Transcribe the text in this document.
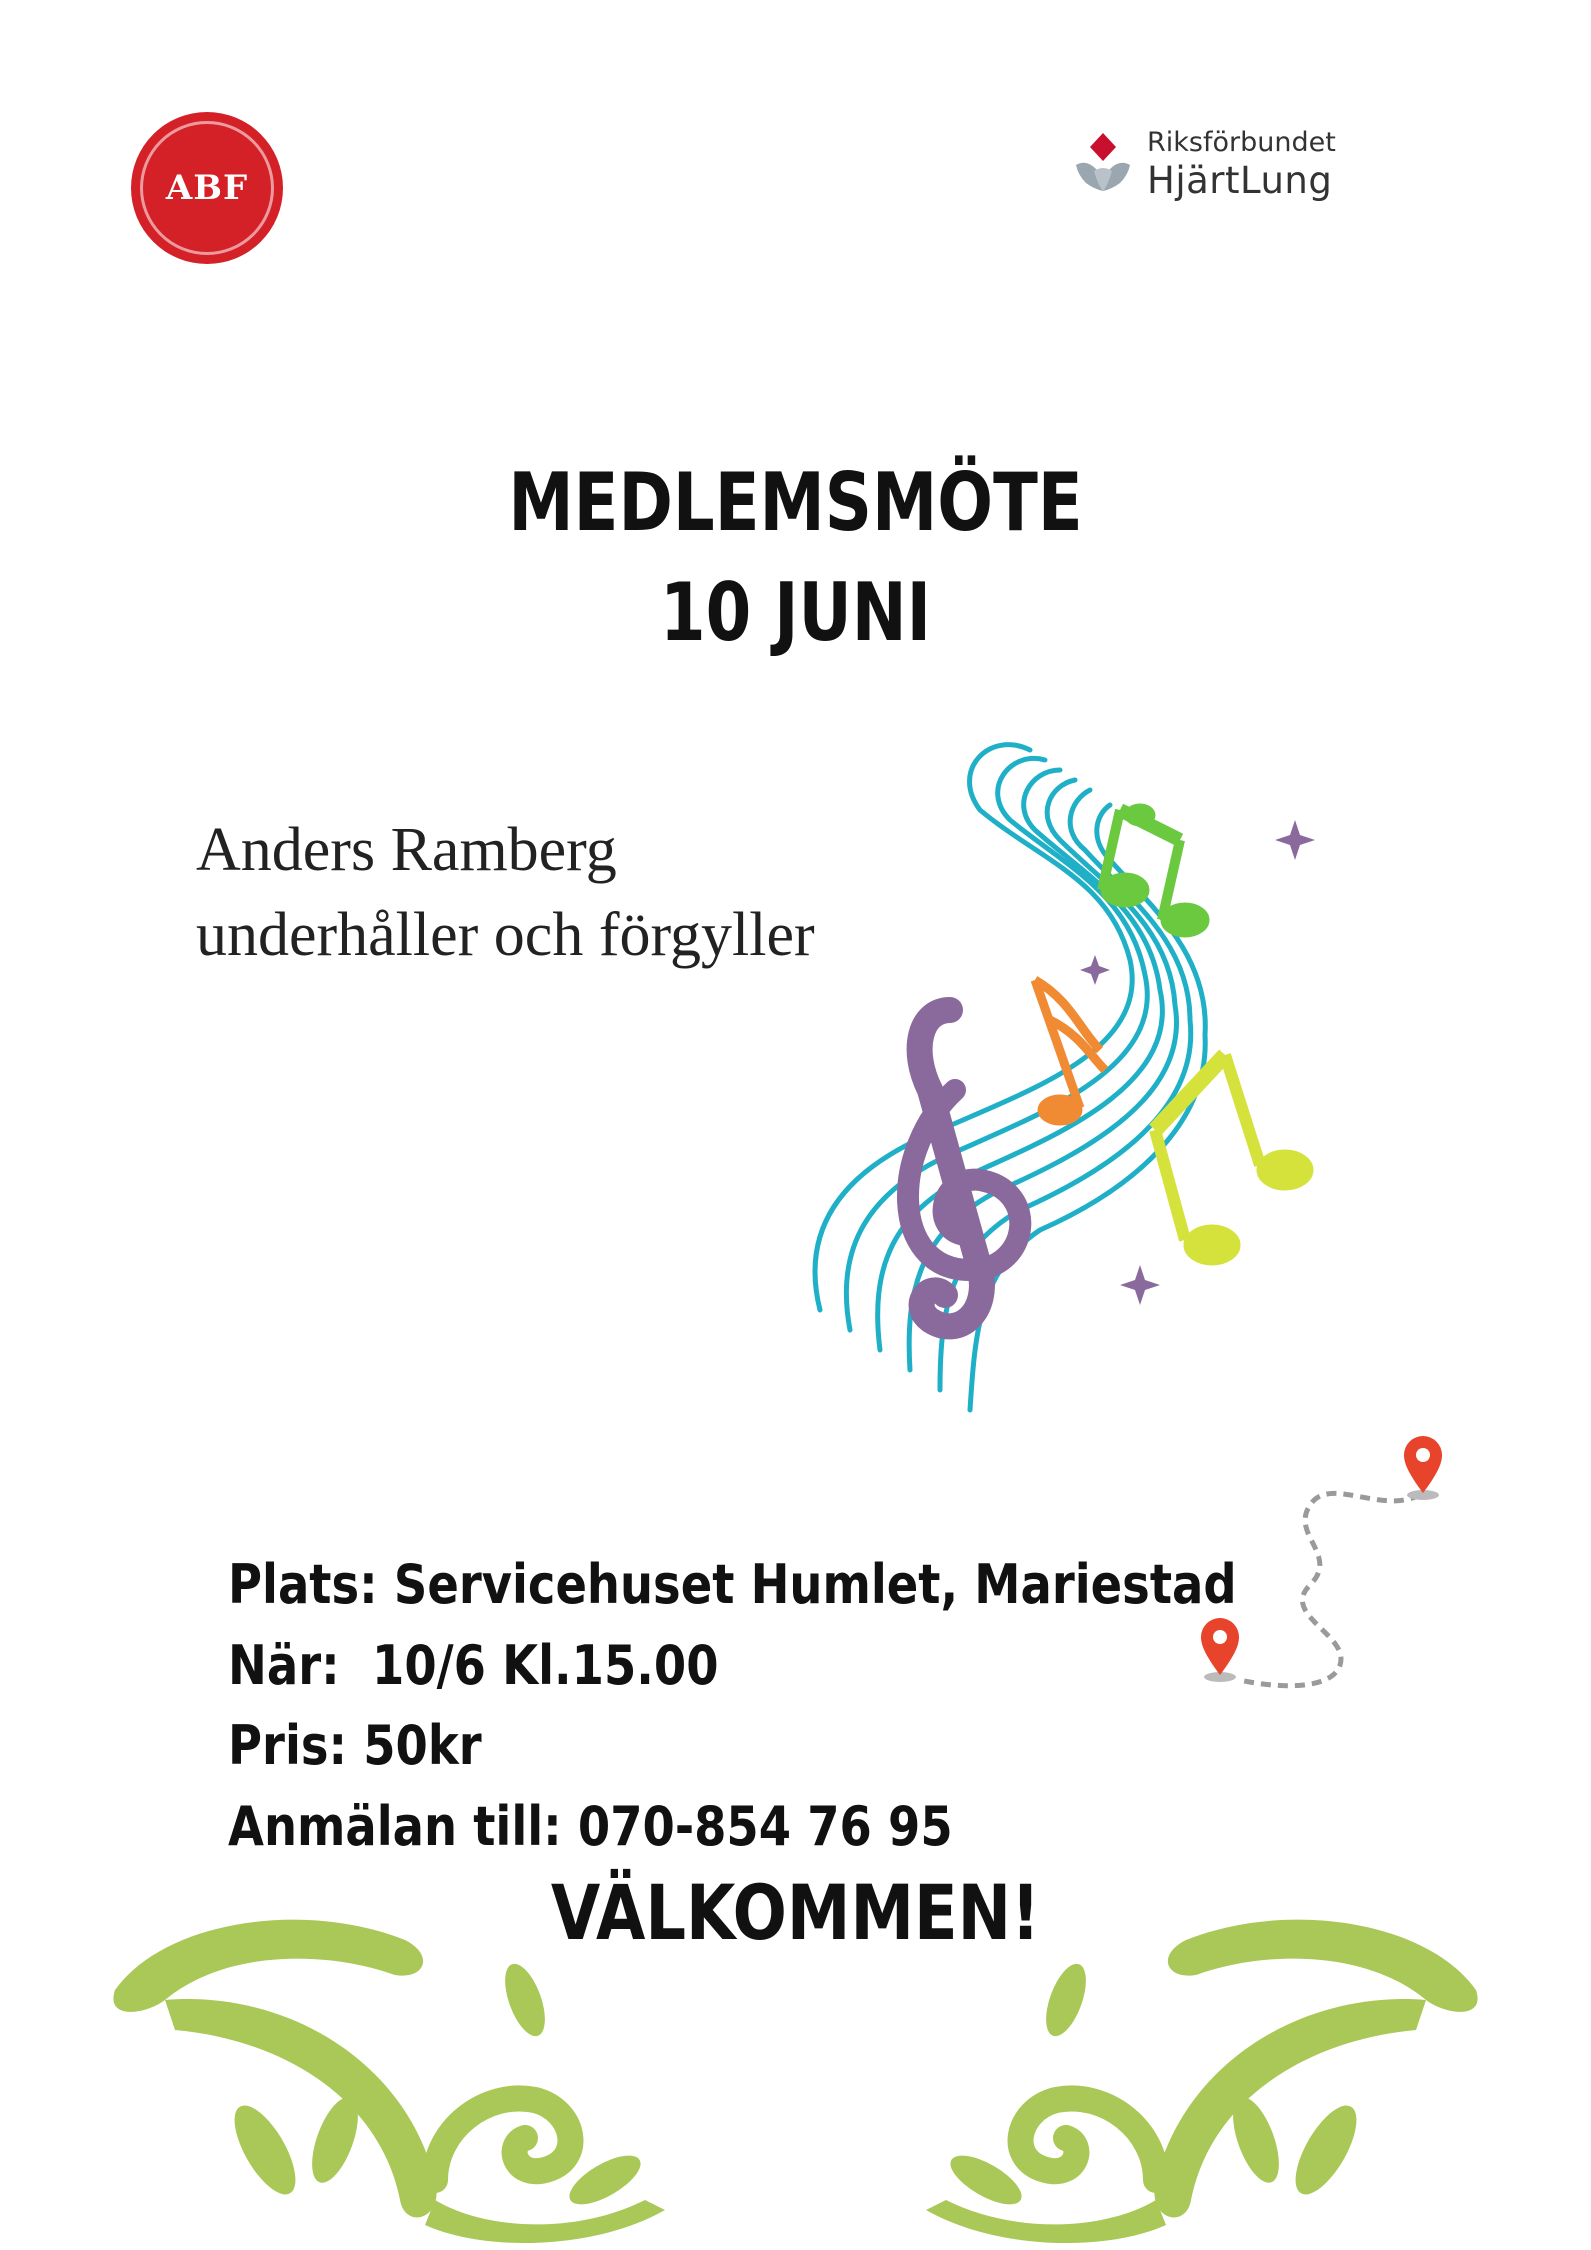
ABF
Riksförbundet
HjärtLung
MEDLEMSMÖTE
10 JUNI
Anders Ramberg
underhåller och förgyller
Plats: Servicehuset Humlet, Mariestad
När:  10/6 Kl.15.00
Pris: 50kr
Anmälan till: 070-854 76 95
VÄLKOMMEN!
